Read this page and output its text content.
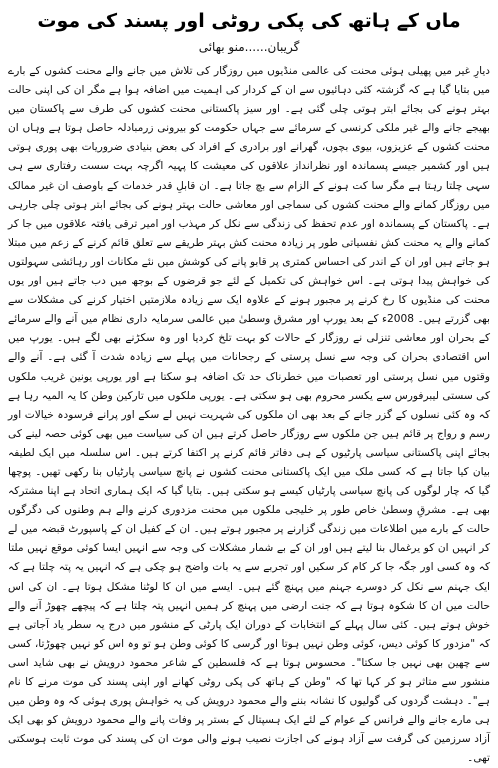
ماں کے ہاتھ کی پکی روٹی اور پسند کی موت
گریبان......منو بھائی

دیارِ غیر میں پھیلی ہوئی محنت کی عالمی منڈیوں میں روزگار کی تلاش میں جانے والے محنت کشوں کے بارے میں بتایا گیا ہے کہ گزشتہ کئی دہائیوں سے ان کے کردار کی اہمیت میں اضافہ ہوا ہے مگر ان کی اپنی حالت بہتر ہونے کی بجائے ابتر ہوتی چلی گئی ہے۔ اور سیز پاکستانی محنت کشوں کی طرف سے پاکستان میں بھیجے جانے والے غیر ملکی کرنسی کے سرمائے سے جہاں حکومت کو بیرونی زرمبادلہ حاصل ہوتا ہے وہاں ان محنت کشوں کے عزیزوں، بیوی بچوں، گھرانے اور برادری کے افراد کی بعض بنیادی ضروریات بھی پوری ہوتی ہیں اور کشمیر جیسے پسماندہ اور نظرانداز علاقوں کی معیشت کا پہیہ اگرچہ بہت سست رفتاری سے ہی سہی چلتا رہتا ہے مگر سا کت ہونے کے الزام سے بچ جاتا ہے۔ ان قابلِ قدر خدمات کے باوصف ان غیر ممالک میں روزگار کمانے والے محنت کشوں کی سماجی اور معاشی حالت بہتر ہونے کی بجائے ابتر ہوتی چلی جارہی ہے۔ پاکستان کے پسماندہ اور عدم تحفظ کی زندگی سے نکل کر مہذب اور امیر ترقی یافتہ علاقوں میں جا کر کمانے والے یہ محنت کش نفسیاتی طور پر زیادہ محنت کش بہتر طریقے سے تعلق قائم کرنے کے زعم میں مبتلا ہو جاتے ہیں اور ان کے اندر کی احساس کمتری پر قابو پانے کی کوشش میں نئے مکانات اور رہائشی سہولتوں کی خواہش پیدا ہوتی ہے۔ اس خواہش کی تکمیل کے لئے جو قرضوں کے بوجھ میں دب جاتے ہیں اور یوں محنت کی منڈیوں کا رخ کرنے پر مجبور ہونے کے علاوہ ایک سے زیادہ ملازمتیں اختیار کرنے کی مشکلات سے بھی گزرتے ہیں۔ 2008ء کے بعد یورپ اور مشرق وسطیٰ میں عالمی سرمایہ داری نظام میں آنے والے سرمائے کے بحران اور معاشی تنزلی نے روزگار کے حالات کو بہت تلخ کردیا اور وہ سکڑنے بھی لگے ہیں۔ یورپ میں اس اقتصادی بحران کی وجہ سے نسل پرستی کے رجحانات میں پہلے سے زیادہ شدت آ گئی ہے۔ آنے والے وقتوں میں نسل پرستی اور تعصبات میں خطرناک حد تک اضافہ ہو سکتا ہے اور یورپی یونین غریب ملکوں کی سستی لیبرفورس سے یکسر محروم بھی ہو سکتی ہے۔ یورپی ملکوں میں تارکین وطن کا یہ المیہ رہا ہے کہ وہ کئی نسلوں کے گزر جانے کے بعد بھی ان ملکوں کی شہریت نہیں لے سکے اور پرانے فرسودہ خیالات اور رسم و رواج پر قائم ہیں جن ملکوں سے روزگار حاصل کرتے ہیں ان کی سیاست میں بھی کوئی حصہ لینے کی بجائے اپنی پاکستانی سیاسی پارٹیوں کے ہی دفاتر قائم کرنے پر اکتفا کرتے ہیں۔ اس سلسلہ میں ایک لطیفہ بیان کیا جاتا ہے کہ کسی ملک میں ایک پاکستانی محنت کشوں نے پانچ سیاسی پارٹیاں بنا رکھی تھیں۔ پوچھا گیا کہ چار لوگوں کی پانچ سیاسی پارٹیاں کیسے ہو سکتی ہیں۔ بتایا گیا کہ ایک ہماری اتحاد ہے اپنا مشترکہ بھی ہے۔ مشرقِ وسطیٰ خاص طور پر خلیجی ملکوں میں محنت مزدوری کرنے والے ہم وطنوں کی دگرگوں حالت کے بارے میں اطلاعات میں زندگی گزارنے پر مجبور ہوتے ہیں۔ ان کے کفیل ان کے پاسپورٹ قبضہ میں لے کر انہیں ان کو یرغمال بنا لیتے ہیں اور ان کے بے شمار مشکلات کی وجہ سے انہیں ایسا کوئی موقع نہیں ملتا کہ وہ کسی اور جگہ جا کر کام کر سکیں اور تجربے سے یہ بات واضح ہو چکی ہے کہ انہیں یہ پتہ چلتا ہے کہ ایک جہنم سے نکل کر دوسرے جہنم میں پہنچ گئے ہیں۔ ایسے میں ان کا لوٹنا مشکل ہوتا ہے۔ ان کی اس حالت میں ان کا شکوہ ہوتا ہے کہ جنت ارضی میں پہنچ کر ہمیں انہیں پتہ چلتا ہے کہ پیچھے چھوڑ آنے والے خوش ہوتے ہیں۔ کئی سال پہلے کے انتخابات کے دوران ایک پارٹی کے منشور میں درج یہ سطر یاد آجاتی ہے کہ "مزدور کا کوئی دیس، کوئی وطن نہیں ہوتا اور گرسی کا کوئی وطن ہو تو وہ اس کو نہیں چھوڑتا، کسی سے چھین بھی نہیں جا سکتا"۔ محسوس ہوتا ہے کہ فلسطین کے شاعر محمود درویش نے بھی شاید اسی منشور سے متاثر ہو کر کہا تھا کہ "وطن کے ہاتھ کی پکی روٹی کھانے اور اپنی پسند کی موت مرنے کا نام ہے"۔ دہشت گردوں کی گولیوں کا نشانہ بننے والے محمود درویش کی یہ خواہش پوری ہوئی کہ وہ وطن میں ہی مارے جانے والے فرانس کے عوام کے لئے ایک ہسپتال کے بستر پر وفات پانے والے محمود درویش کو بھی ایک آزاد سرزمین کی گرفت سے آزاد ہونے کی اجازت نصیب ہونے والی موت ان کی پسند کی موت ثابت ہوسکتی تھی۔
